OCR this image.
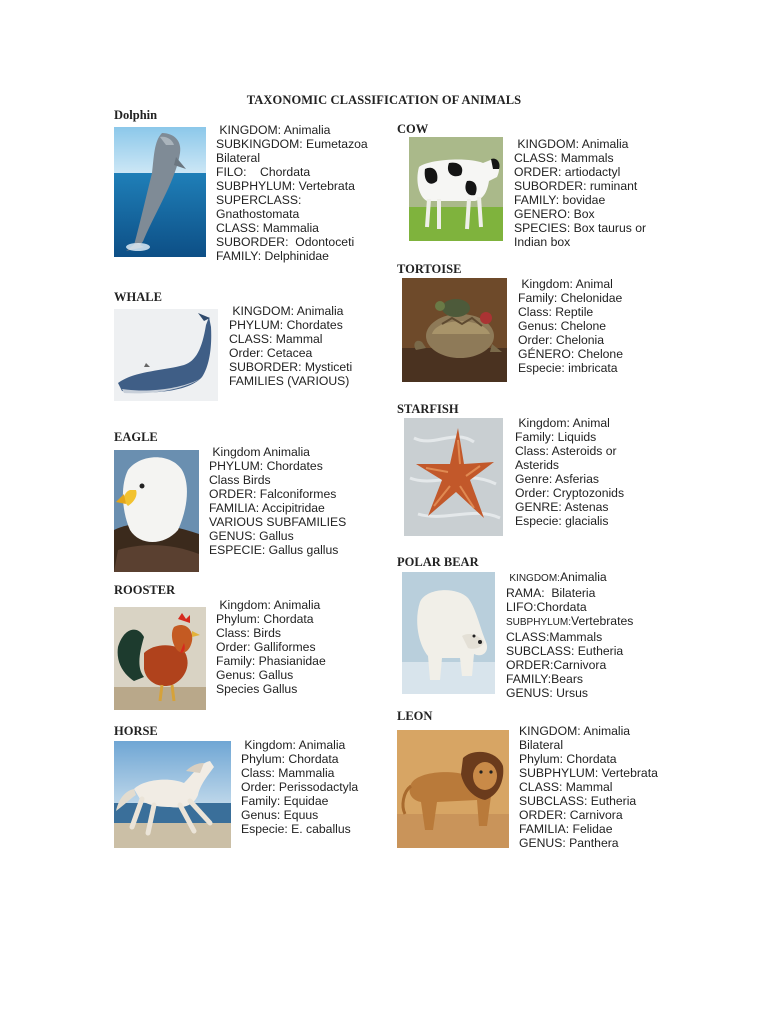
TAXONOMIC CLASSIFICATION OF ANIMALS
Dolphin
KINGDOM: Animalia
SUBKINGDOM: Eumetazoa
Bilateral
FILO:    Chordata
SUBPHYLUM: Vertebrata
SUPERCLASS:
Gnathostomata
CLASS: Mammalia
SUBORDER:  Odontoceti
FAMILY: Delphinidae
WHALE
KINGDOM: Animalia
PHYLUM: Chordates
CLASS: Mammal
Order: Cetacea
SUBORDER: Mysticeti
FAMILIES (VARIOUS)
EAGLE
Kingdom Animalia
PHYLUM: Chordates
Class Birds
ORDER: Falconiformes
FAMILIA: Accipitridae
VARIOUS SUBFAMILIES
GENUS: Gallus
ESPECIE: Gallus gallus
ROOSTER
Kingdom: Animalia
Phylum: Chordata
Class: Birds
Order: Galliformes
Family: Phasianidae
Genus: Gallus
Species Gallus
HORSE
Kingdom: Animalia
Phylum: Chordata
Class: Mammalia
Order: Perissodactyla
Family: Equidae
Genus: Equus
Especie: E. caballus
COW
KINGDOM: Animalia
CLASS: Mammals
ORDER: artiodactyl
SUBORDER: ruminant
FAMILY: bovidae
GENERO: Box
SPECIES: Box taurus or
Indian box
TORTOISE
Kingdom: Animal
Family: Chelonidae
Class: Reptile
Genus: Chelone
Order: Chelonia
GÉNERO: Chelone
Especie: imbricata
STARFISH
Kingdom: Animal
Family: Liquids
Class: Asteroids or
Asterids
Genre: Asferias
Order: Cryptozonids
GENRE: Astenas
Especie: glacialis
POLAR BEAR
KINGDOM:Animalia
RAMA:  Bilateria
LIFO:Chordata
SUBPHYLUM:Vertebrates
CLASS:Mammals
SUBCLASS: Eutheria
ORDER:Carnivora
FAMILY:Bears
GENUS: Ursus
LEON
KINGDOM: Animalia
Bilateral
Phylum: Chordata
SUBPHYLUM: Vertebrata
CLASS: Mammal
SUBCLASS: Eutheria
ORDER: Carnivora
FAMILIA: Felidae
GENUS: Panthera
